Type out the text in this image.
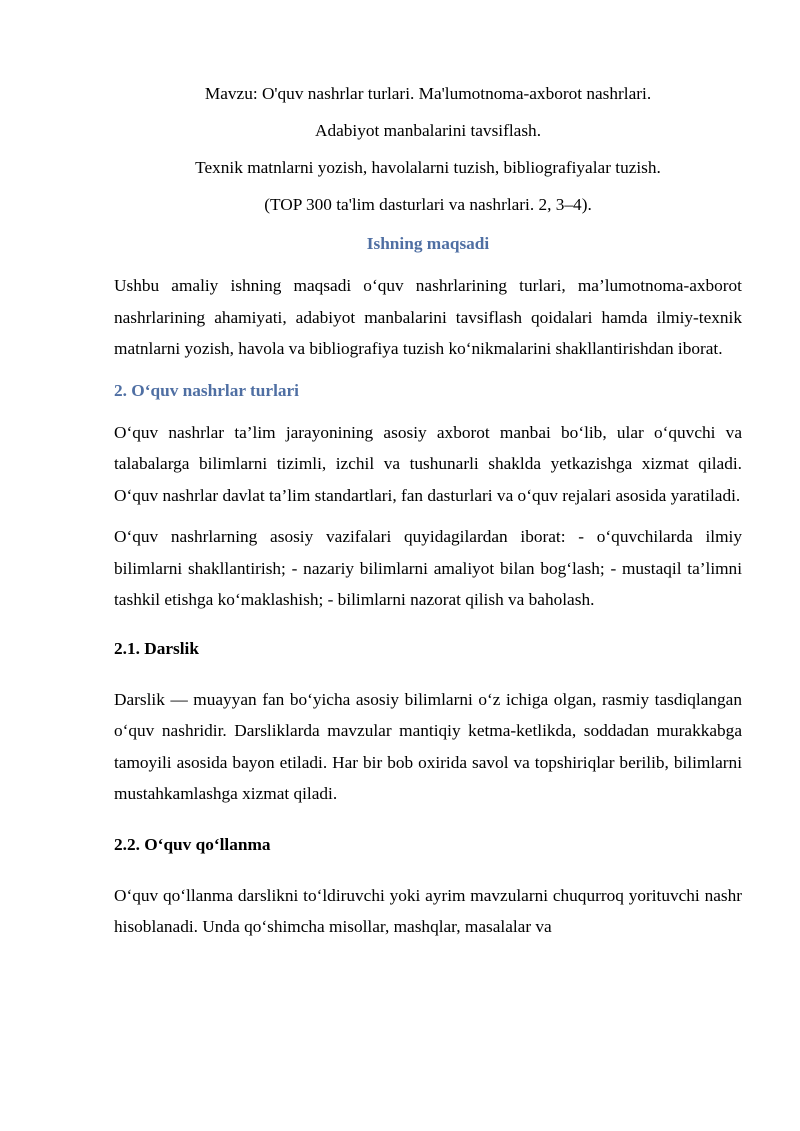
Mavzu: O'quv nashrlar turlari. Ma'lumotnoma-axborot nashrlari.

Adabiyot manbalarini tavsiflash.

Texnik matnlarni yozish, havolalarni tuzish, bibliografiyalar tuzish.

(TOP 300 ta'lim dasturlari va nashrlari. 2, 3–4).

Ishning maqsadi

Ushbu amaliy ishning maqsadi o‘quv nashrlarining turlari, ma’lumotnoma-axborot nashrlarining ahamiyati, adabiyot manbalarini tavsiflash qoidalari hamda ilmiy-texnik matnlarni yozish, havola va bibliografiya tuzish ko‘nikmalarini shakllantirishdan iborat.

2. O‘quv nashrlar turlari

O‘quv nashrlar ta’lim jarayonining asosiy axborot manbai bo‘lib, ular o‘quvchi va talabalarga bilimlarni tizimli, izchil va tushunarli shaklda yetkazishga xizmat qiladi. O‘quv nashrlar davlat ta’lim standartlari, fan dasturlari va o‘quv rejalari asosida yaratiladi.

O‘quv nashrlarning asosiy vazifalari quyidagilardan iborat: - o‘quvchilarda ilmiy bilimlarni shakllantirish; - nazariy bilimlarni amaliyot bilan bog‘lash; - mustaqil ta’limni tashkil etishga ko‘maklashish; - bilimlarni nazorat qilish va baholash.

2.1. Darslik

Darslik — muayyan fan bo‘yicha asosiy bilimlarni o‘z ichiga olgan, rasmiy tasdiqlangan o‘quv nashridir. Darsliklarda mavzular mantiqiy ketma-ketlikda, soddadan murakkabga tamoyili asosida bayon etiladi. Har bir bob oxirida savol va topshiriqlar berilib, bilimlarni mustahkamlashga xizmat qiladi.

2.2. O‘quv qo‘llanma

O‘quv qo‘llanma darslikni to‘ldiruvchi yoki ayrim mavzularni chuqurroq yorituvchi nashr hisoblanadi. Unda qo‘shimcha misollar, mashqlar, masalalar va
